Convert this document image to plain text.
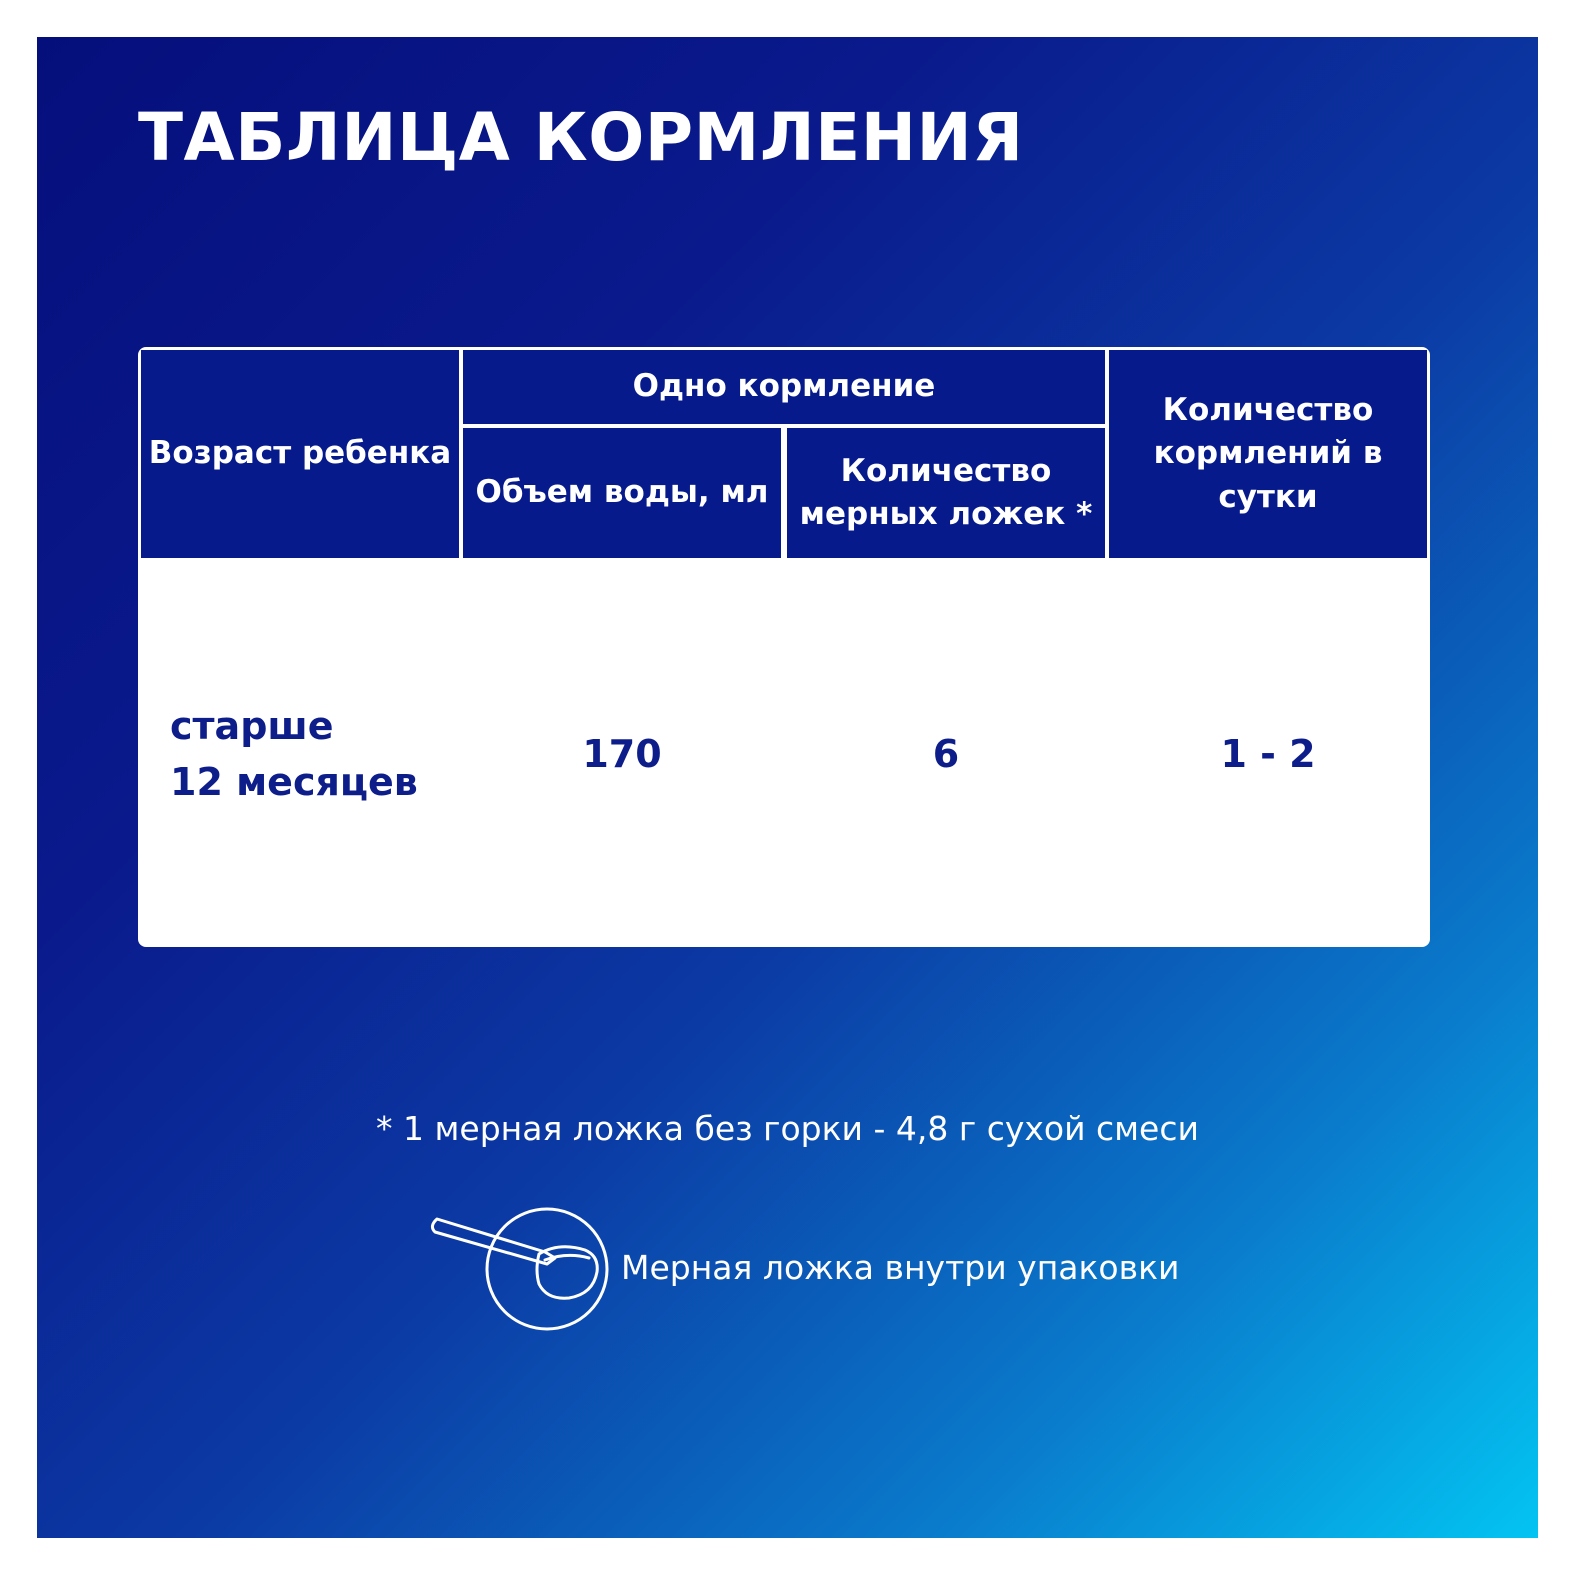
ТАБЛИЦА КОРМЛЕНИЯ
Возраст ребенка
Одно кормление
Объем воды, мл
Количество
мерных ложек *
Количество
кормлений в сутки
старше
12 месяцев
170	6	1 - 2
* 1 мерная ложка без горки - 4,8 г сухой смеси
Мерная ложка внутри упаковки
